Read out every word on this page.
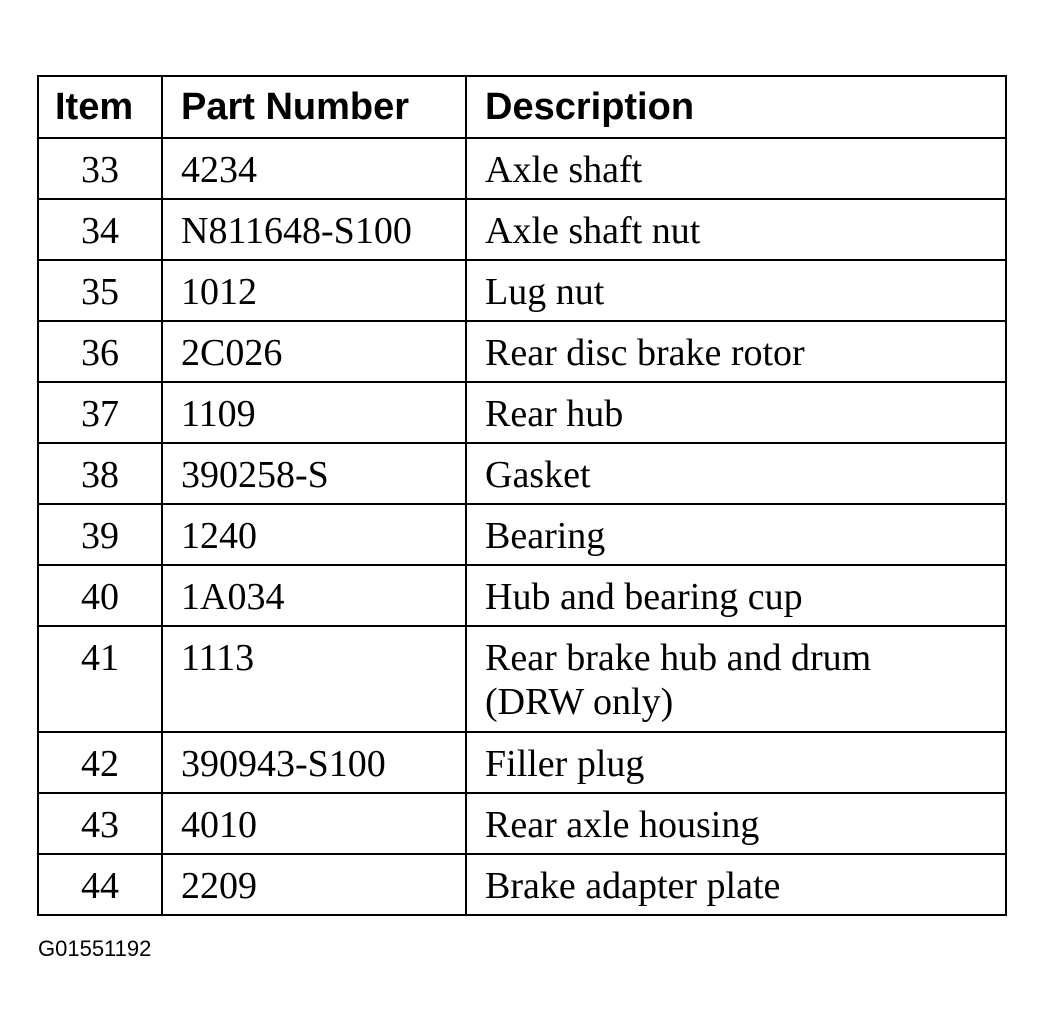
Item	Part Number	Description
33	4234	Axle shaft
34	N811648-S100	Axle shaft nut
35	1012	Lug nut
36	2C026	Rear disc brake rotor
37	1109	Rear hub
38	390258-S	Gasket
39	1240	Bearing
40	1A034	Hub and bearing cup
41	1113	Rear brake hub and drum
(DRW only)
42	390943-S100	Filler plug
43	4010	Rear axle housing
44	2209	Brake adapter plate
G01551192
